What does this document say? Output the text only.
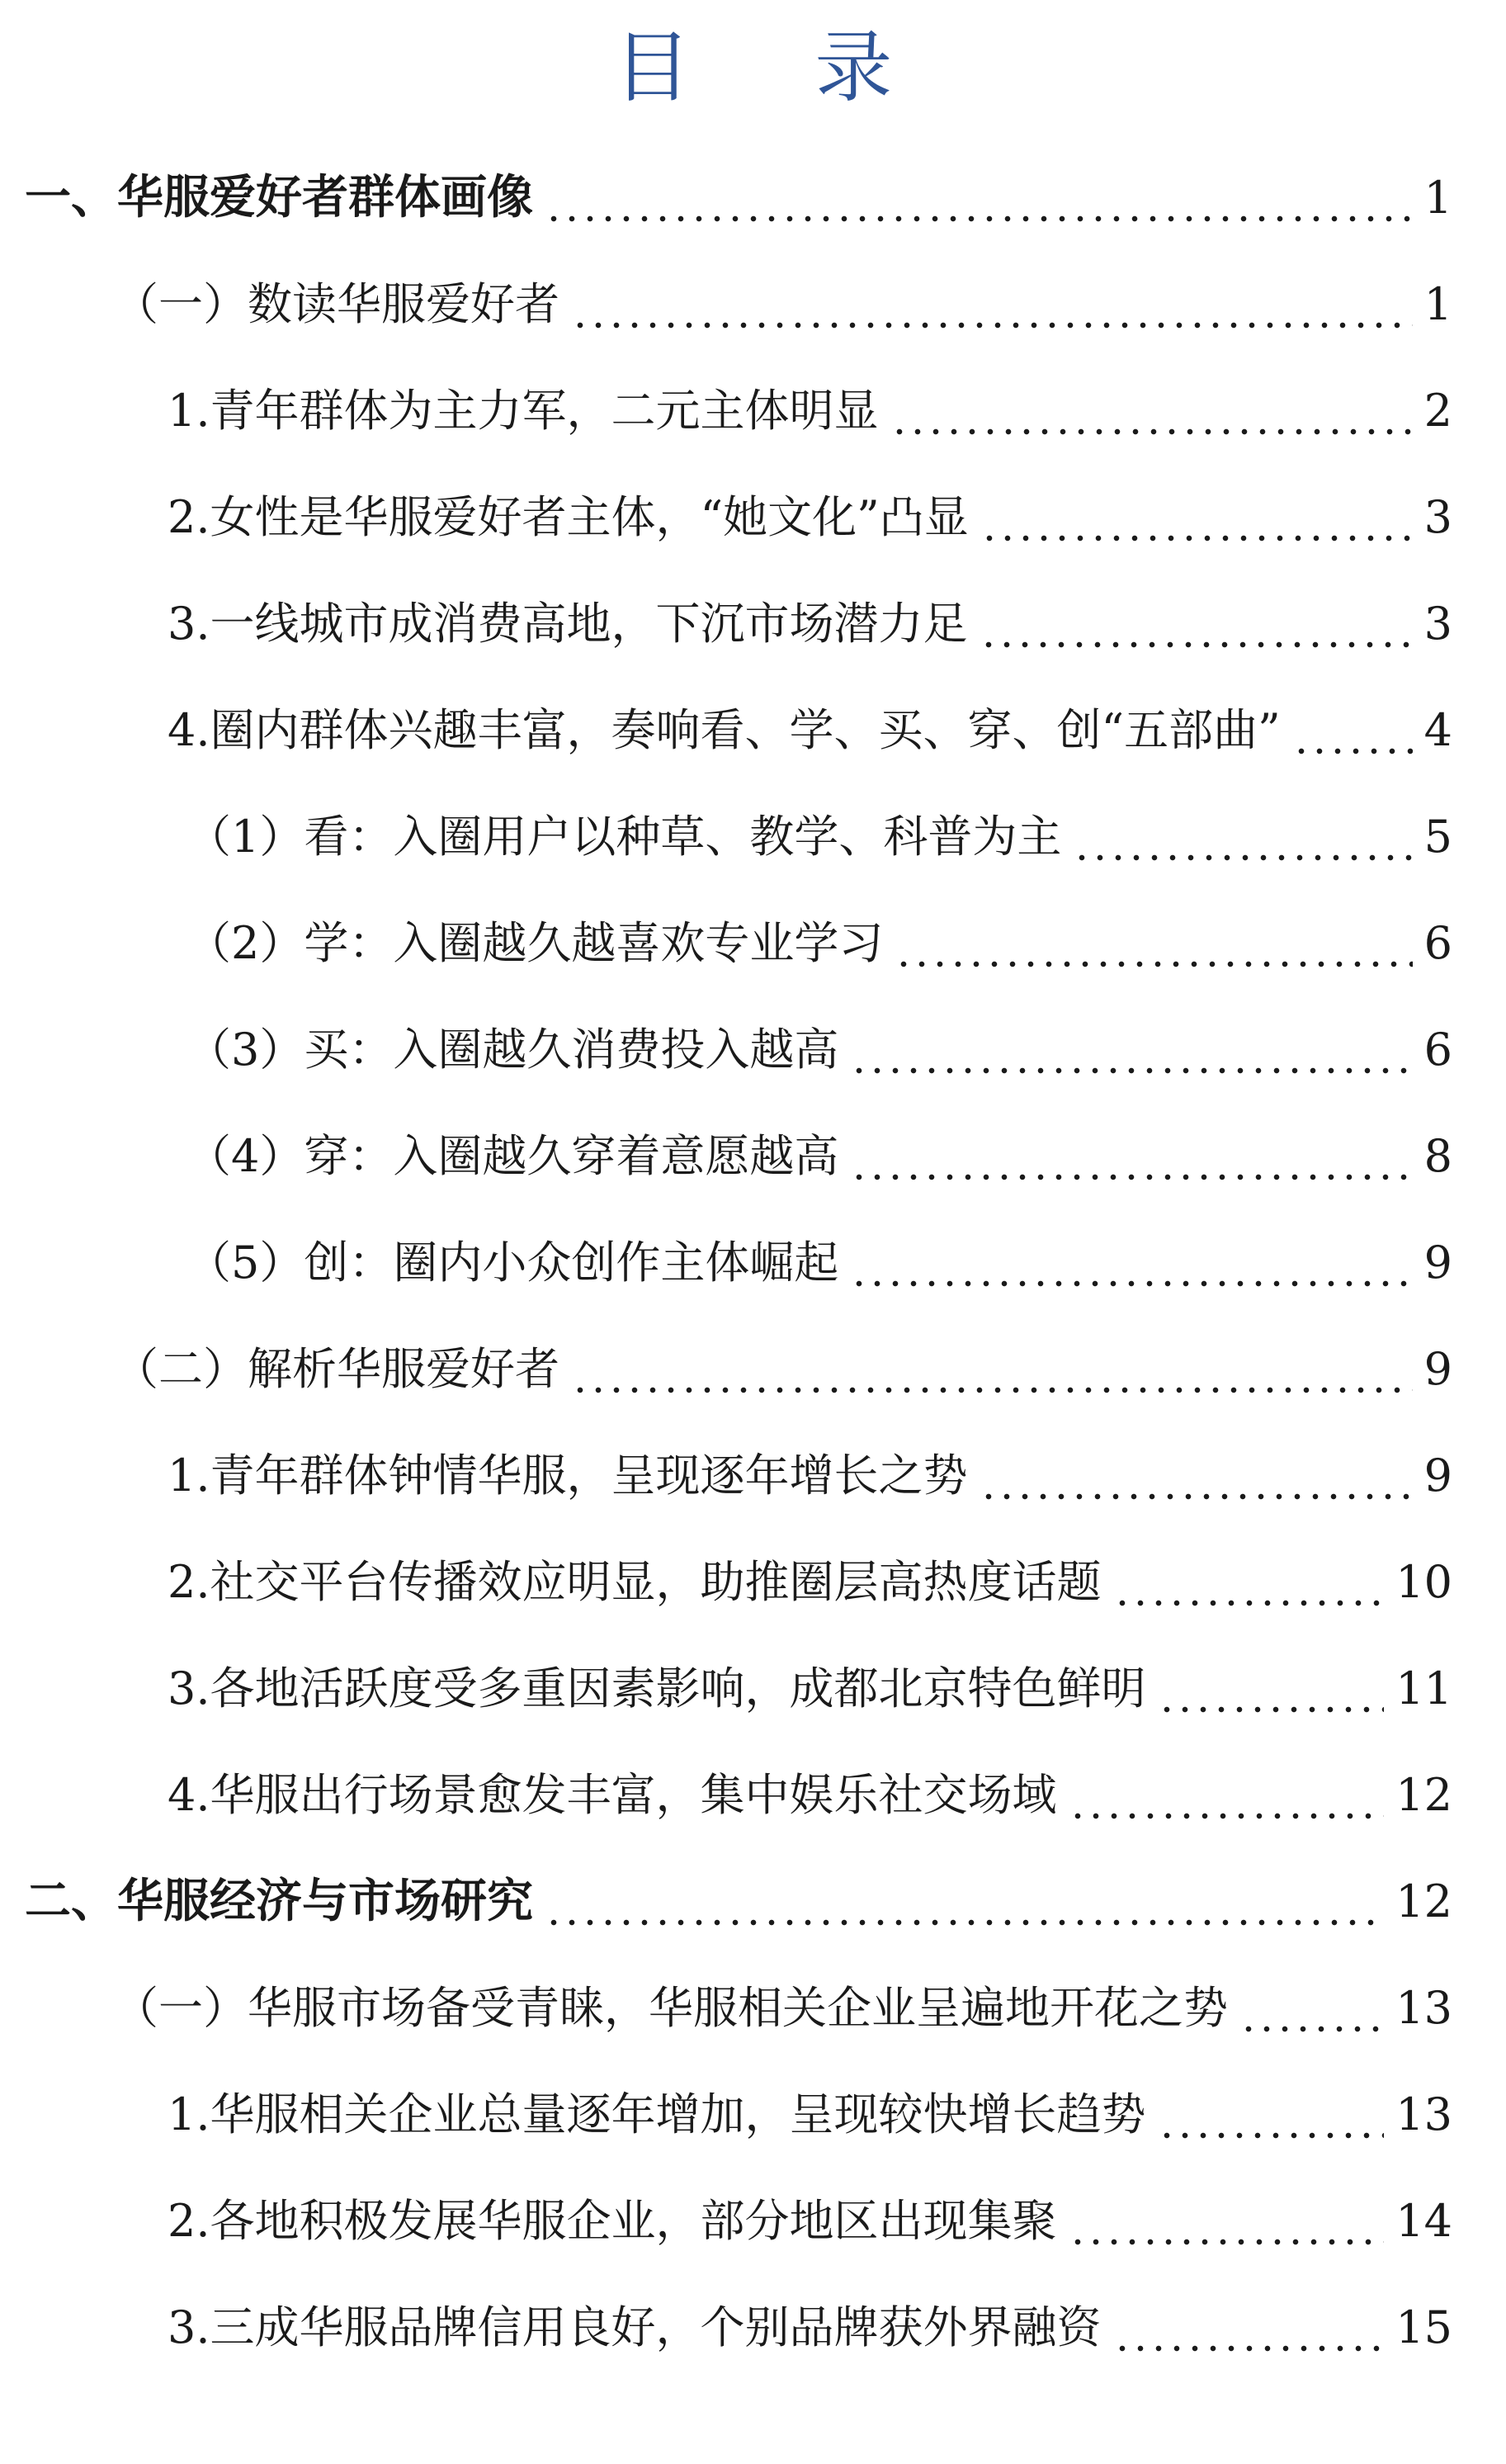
目 录
一、华服爱好者群体画像	1
（一）数读华服爱好者	1
1.青年群体为主力军，二元主体明显	2
2.女性是华服爱好者主体，“她文化”凸显	3
3.一线城市成消费高地，下沉市场潜力足	3
4.圈内群体兴趣丰富，奏响看、学、买、穿、创“五部曲”	4
（1）看：入圈用户以种草、教学、科普为主	5
（2）学：入圈越久越喜欢专业学习	6
（3）买：入圈越久消费投入越高	6
（4）穿：入圈越久穿着意愿越高	8
（5）创：圈内小众创作主体崛起	9
（二）解析华服爱好者	9
1.青年群体钟情华服，呈现逐年增长之势	9
2.社交平台传播效应明显，助推圈层高热度话题	10
3.各地活跃度受多重因素影响，成都北京特色鲜明	11
4.华服出行场景愈发丰富，集中娱乐社交场域	12
二、华服经济与市场研究	12
（一）华服市场备受青睐，华服相关企业呈遍地开花之势	13
1.华服相关企业总量逐年增加，呈现较快增长趋势	13
2.各地积极发展华服企业，部分地区出现集聚	14
3.三成华服品牌信用良好，个别品牌获外界融资	15
